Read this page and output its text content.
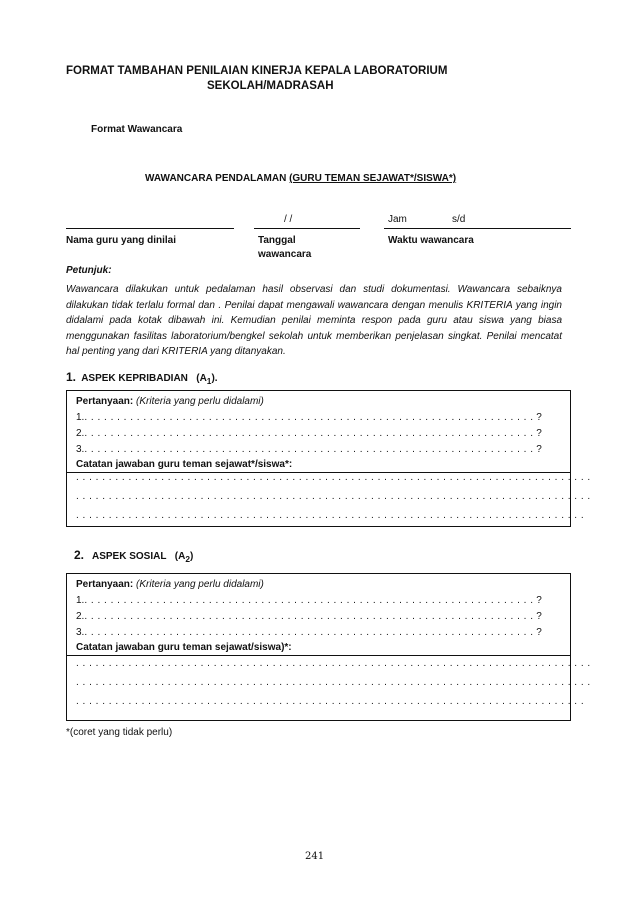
FORMAT TAMBAHAN PENILAIAN KINERJA KEPALA LABORATORIUM
SEKOLAH/MADRASAH
Format Wawancara
WAWANCARA PENDALAMAN (GURU TEMAN SEJAWAT*/SISWA*)
Nama guru yang dinilai
/ /
Tanggal
wawancara
Jam	s/d
Waktu wawancara
Petunjuk:
Wawancara dilakukan untuk pedalaman hasil observasi dan studi dokumentasi. Wawancara sebaiknya dilakukan tidak terlalu formal dan . Penilai dapat mengawali wawancara dengan menulis KRITERIA yang ingin didalami pada kotak dibawah ini. Kemudian penilai meminta respon pada guru atau siswa yang biasa menggunakan fasilitas laboratorium/bengkel sekolah untuk memberikan penjelasan singkat. Penilai mencatat hal penting yang dari KRITERIA yang ditanyakan.
1. ASPEK KEPRIBADIAN $(A_1)$.
Pertanyaan: (Kriteria yang perlu didalami)
1.. . . . . . . . . . . . . . . . . . . . . . . . . . . . . . . . . . . . . . . . . . . . . . . . . . . . . . . . . . . . . . . . . . . . . ?
2.. . . . . . . . . . . . . . . . . . . . . . . . . . . . . . . . . . . . . . . . . . . . . . . . . . . . . . . . . . . . . . . . . . . . . ?
3.. . . . . . . . . . . . . . . . . . . . . . . . . . . . . . . . . . . . . . . . . . . . . . . . . . . . . . . . . . . . . . . . . . . . . ?
Catatan jawaban guru teman sejawat*/siswa*:
. . . . . . . . . . . . . . . . . . . . . . . . . . . . . . . . . . . . . . . . . . . . . . . . . . . . . . . . . . . . . . . . . . . . . . . . . . . . . . .
. . . . . . . . . . . . . . . . . . . . . . . . . . . . . . . . . . . . . . . . . . . . . . . . . . . . . . . . . . . . . . . . . . . . . . . . . . . . . . .
. . . . . . . . . . . . . . . . . . . . . . . . . . . . . . . . . . . . . . . . . . . . . . . . . . . . . . . . . . . . . . . . . . . . . . . . . . . . . .
2. ASPEK SOSIAL $(A_2)$
Pertanyaan: (Kriteria yang perlu didalami)
1.. . . . . . . . . . . . . . . . . . . . . . . . . . . . . . . . . . . . . . . . . . . . . . . . . . . . . . . . . . . . . . . . . . . . . ?
2.. . . . . . . . . . . . . . . . . . . . . . . . . . . . . . . . . . . . . . . . . . . . . . . . . . . . . . . . . . . . . . . . . . . . . ?
3.. . . . . . . . . . . . . . . . . . . . . . . . . . . . . . . . . . . . . . . . . . . . . . . . . . . . . . . . . . . . . . . . . . . . . ?
Catatan jawaban guru teman sejawat/siswa)*:
. . . . . . . . . . . . . . . . . . . . . . . . . . . . . . . . . . . . . . . . . . . . . . . . . . . . . . . . . . . . . . . . . . . . . . . . . . . . . . .
. . . . . . . . . . . . . . . . . . . . . . . . . . . . . . . . . . . . . . . . . . . . . . . . . . . . . . . . . . . . . . . . . . . . . . . . . . . . . . .
. . . . . . . . . . . . . . . . . . . . . . . . . . . . . . . . . . . . . . . . . . . . . . . . . . . . . . . . . . . . . . . . . . . . . . . . . . . . . .
*(coret yang tidak perlu)
241
